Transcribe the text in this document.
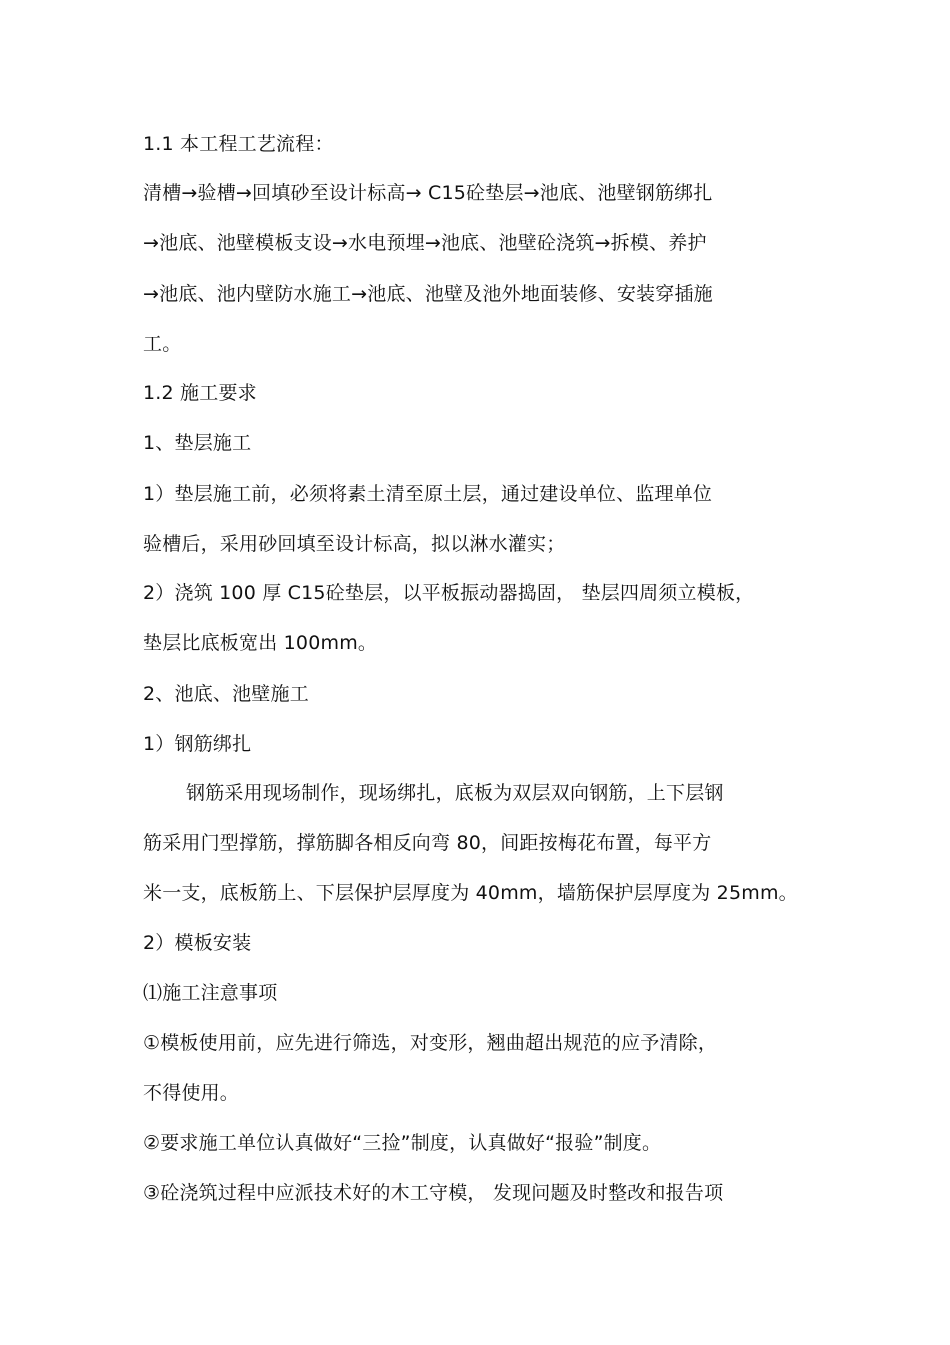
1.1 本工程工艺流程：
清槽→验槽→回填砂至设计标高→ C15砼垫层→池底、池壁钢筋绑扎
→池底、池壁模板支设→水电预埋→池底、池壁砼浇筑→拆模、养护
→池底、池内壁防水施工→池底、池壁及池外地面装修、安装穿插施
工。
1.2 施工要求
1、垫层施工
1）垫层施工前，必须将素土清至原土层，通过建设单位、监理单位
验槽后，采用砂回填至设计标高，拟以淋水灌实；
2）浇筑 100 厚 C15砼垫层，以平板振动器捣固， 垫层四周须立模板，
垫层比底板宽出 100mm。
2、池底、池壁施工
1）钢筋绑扎
钢筋采用现场制作，现场绑扎，底板为双层双向钢筋，上下层钢
筋采用门型撑筋，撑筋脚各相反向弯 80，间距按梅花布置，每平方
米一支，底板筋上、下层保护层厚度为 40mm，墙筋保护层厚度为 25mm。
2）模板安装
⑴施工注意事项
①模板使用前，应先进行筛选，对变形，翘曲超出规范的应予清除，
不得使用。
②要求施工单位认真做好“三捡”制度，认真做好“报验”制度。
③砼浇筑过程中应派技术好的木工守模， 发现问题及时整改和报告项
